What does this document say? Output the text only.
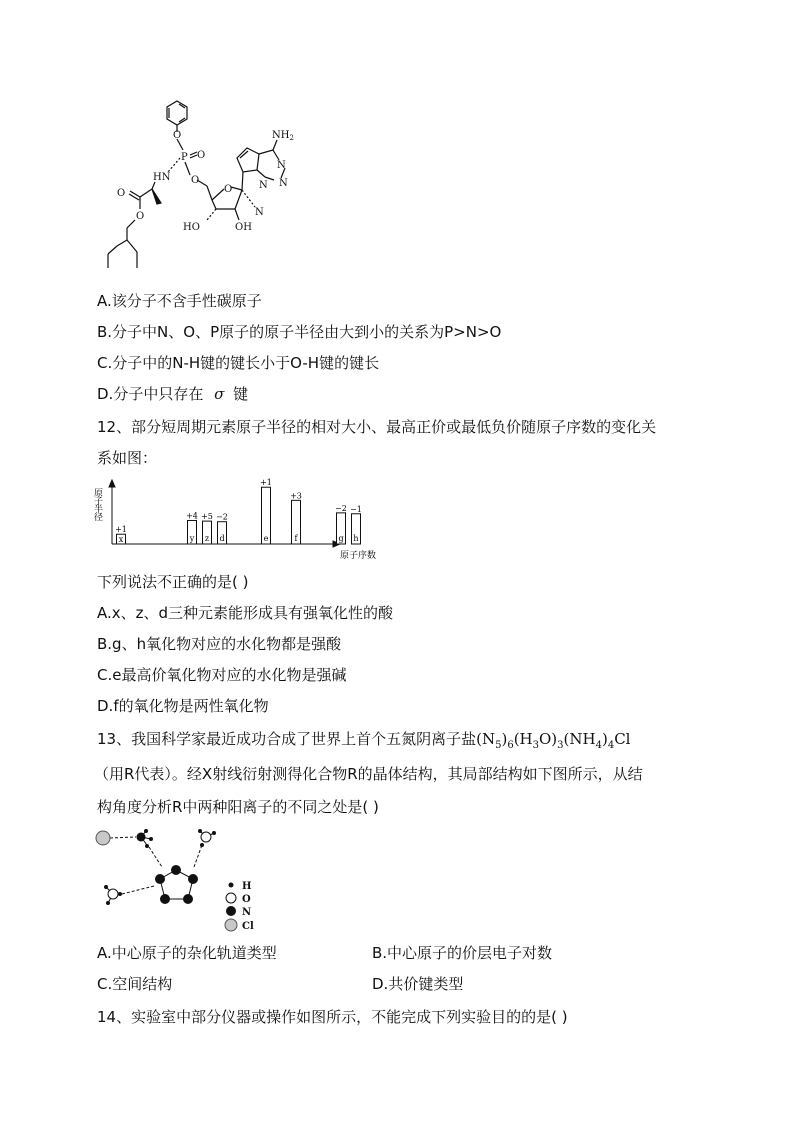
O
P O
HN
O
O
O
O
HO	OH
N
N
N
N
$NH_2$
A.该分子不含手性碳原子
B.分子中N、O、P原子的原子半径由大到小的关系为P>N>O
C.分子中的N-H键的键长小于O-H键的键长
D.分子中只存在 σ 键
12、部分短周期元素原子半径的相对大小、最高正价或最低负价随原子序数的变化关
系如图：
原子半径
原子序数
x
+1
y
+4
z
+5
d
−2
e
+1
f
+3
g
−2
h
−1
下列说法不正确的是( )
A.x、z、d三种元素能形成具有强氧化性的酸
B.g、h氧化物对应的水化物都是强酸
C.e最高价氧化物对应的水化物是强碱
D.f的氧化物是两性氧化物
13、我国科学家最近成功合成了世界上首个五氮阴离子盐$(N_5)_6(H_3O)_3(NH_4)_4Cl$
（用R代表）。经X射线衍射测得化合物R的晶体结构，其局部结构如下图所示，从结
构角度分析R中两种阳离子的不同之处是( )
H
O
N
Cl
A.中心原子的杂化轨道类型	B.中心原子的价层电子对数
C.空间结构	D.共价键类型
14、实验室中部分仪器或操作如图所示，不能完成下列实验目的的是( )
